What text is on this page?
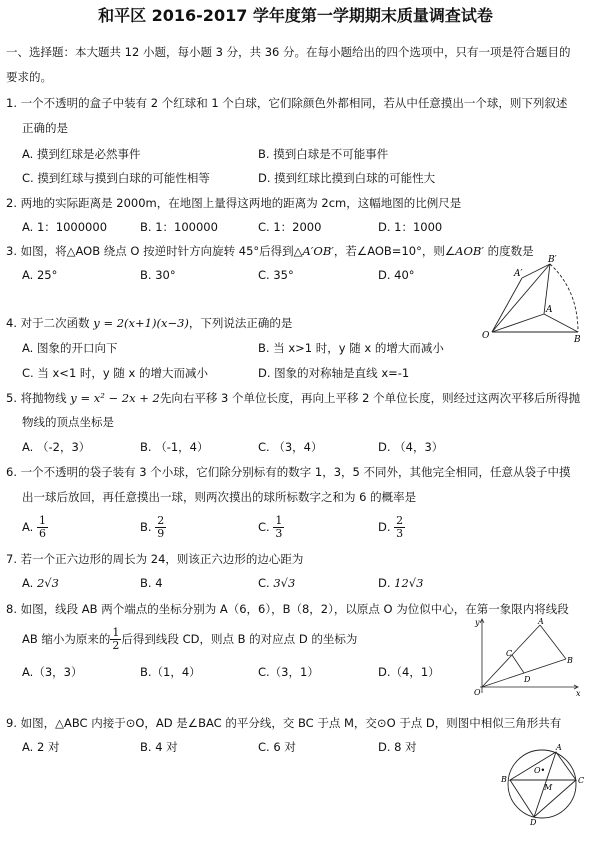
和平区 2016-2017 学年度第一学期期末质量调查试卷
一、选择题：本大题共 12 小题，每小题 3 分，共 36 分。在每小题给出的四个选项中，只有一项是符合题目的
要求的。
1. 一个不透明的盒子中装有 2 个红球和 1 个白球，它们除颜色外都相同，若从中任意摸出一个球，则下列叙述
正确的是
A. 摸到红球是必然事件	B. 摸到白球是不可能事件
C. 摸到红球与摸到白球的可能性相等	D. 摸到红球比摸到白球的可能性大
2. 两地的实际距离是 2000m，在地图上量得这两地的距离为 2cm，这幅地图的比例尺是
A. 1：1000000	B. 1：100000	C. 1：2000	D. 1：1000
3. 如图，将△AOB 绕点 O 按逆时针方向旋转 45°后得到△A′OB′，若∠AOB=10°，则∠AOB′ 的度数是
A. 25°	B. 30°	C. 35°	D. 40°	A′
B′
A
B
O
4. 对于二次函数 y = 2(x+1)(x−3)，下列说法正确的是
A. 图象的开口向下	B. 当 x>1 时，y 随 x 的增大而减小
C. 当 x<1 时，y 随 x 的增大而减小	D. 图象的对称轴是直线 x=-1
5. 将抛物线 y = x² − 2x + 2先向右平移 3 个单位长度，再向上平移 2 个单位长度，则经过这两次平移后所得抛
物线的顶点坐标是
A. （-2，3）	B. （-1，4）	C. （3，4）	D. （4，3）
6. 一个不透明的袋子装有 3 个小球，它们除分别标有的数字 1，3，5 不同外，其他完全相同，任意从袋子中摸
出一球后放回，再任意摸出一球，则两次摸出的球所标数字之和为 6 的概率是
A. $\frac{1}{6}$	B. $\frac{2}{9}$	C. $\frac{1}{3}$	D. $\frac{2}{3}$
7. 若一个正六边形的周长为 24，则该正六边形的边心距为
A. 2√3	B. 4	C. 3√3	D. 12√3
8. 如图，线段 AB 两个端点的坐标分别为 A（6，6），B（8，2），以原点 O 为位似中心，在第一象限内将线段
AB 缩小为原来的 $\frac{1}{2}$ 后得到线段 CD，则点 B 的对应点 D 的坐标为
A.（3，3）	B.（1，4）	C.（3，1）	D.（4，1）
y
x
O
A
B
C
D
9. 如图，△ABC 内接于⊙O，AD 是∠BAC 的平分线，交 BC 于点 M，交⊙O 于点 D，则图中相似三角形共有
A. 2 对	B. 4 对	C. 6 对	D. 8 对	A
B	C
M
D
O•
